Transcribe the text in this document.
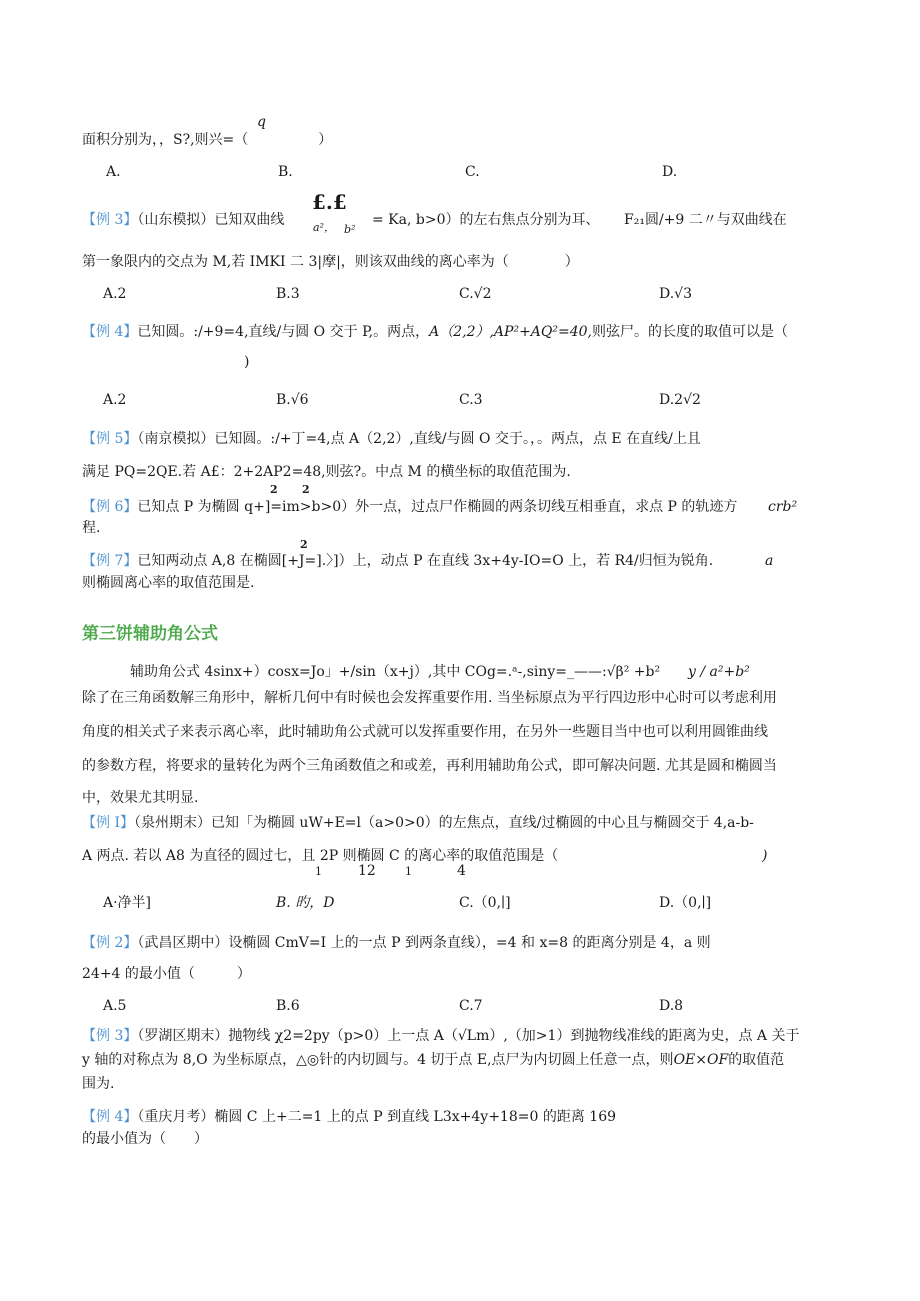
q
面积分别为，，S?,则兴=（　　　　　）
A.	B.	C.	D.
【例 3】（山东模拟）已知双曲线
£.£
a²， b²
= Ka, b>0）的左右焦点分别为耳、 F₂₁圆/+9 二〃与双曲线在
第一象限内的交点为 M,若 IMKI 二 3|摩|，则该双曲线的离心率为（　　　　）
A.2	B.3	C.√2	D.√3
【例 4】已知圆。:/+9=4,直线/与圆 O 交于 P,。两点，A（2,2）,AP²+AQ²=40,则弦尸。的长度的取值可以是（
)
A.2	B.√6	C.3	D.2√2
【例 5】（南京模拟）已知圆。:/+丁=4,点 A（2,2）,直线/与圆 O 交于。，。两点，点 E 在直线/上且
满足 PQ=2QE.若 A£：2+2AP2=48,则弦?。中点 M 的横坐标的取值范围为.
2 2
【例 6】已知点 P 为椭圆 q+]=im>b>0）外一点，过点尸作椭圆的两条切线互相垂直，求点 P 的轨迹方 crb²
程.
2
【例 7】已知两动点 A,8 在椭圆[+J=].〉]）上，动点 P 在直线 3x+4y-IO=O 上，若 R4/归恒为锐角.	a
则椭圆离心率的取值范围是.
第三饼辅助角公式
辅助角公式 4sinx+）cosx=Jo」+/sin（x+j）,其中 COg=.ᵃ-,siny=_——:√β² +b² y / a²+b²
除了在三角函数解三角形中，解析几何中有时候也会发挥重要作用. 当坐标原点为平行四边形中心时可以考虑利用
角度的相关式子来表示离心率，此时辅助角公式就可以发挥重要作用，在另外一些题目当中也可以利用圆锥曲线
的参数方程，将要求的量转化为两个三角函数值之和或差，再利用辅助角公式，即可解决问题. 尤其是圆和椭圆当
中，效果尤其明显.
【例 I】（泉州期末）已知「为椭圆 uW+E=l（a>0>0）的左焦点，直线/过椭圆的中心且与椭圆交于 4,a-b-
A 两点. 若以 A8 为直径的圆过七，且 2P 则椭圆 C 的离心率的取值范围是（	)
1	12	1	4
A·净半]	B. 旳，D	C.（0,∣]	D.（0,∣]
【例 2】（武昌区期中）设椭圆 CmV=I 上的一点 P 到两条直线），=4 和 x=8 的距离分别是 4，a 则
24+4 的最小值（　　　）
A.5	B.6	C.7	D.8
【例 3】（罗湖区期末）抛物线 χ2=2py（p>0）上一点 A（√Lm）,（加>1）到抛物线准线的距离为史，点 A 关于
y 轴的对称点为 8,O 为坐标原点，△◎针的内切圆与。4 切于点 E,点尸为内切圆上任意一点，则OE×OF的取值范
围为.
【例 4】（重庆月考）椭圆 C 上+二=1 上的点 P 到直线 L3x+4y+18=0 的距离 169
的最小值为（　　）
